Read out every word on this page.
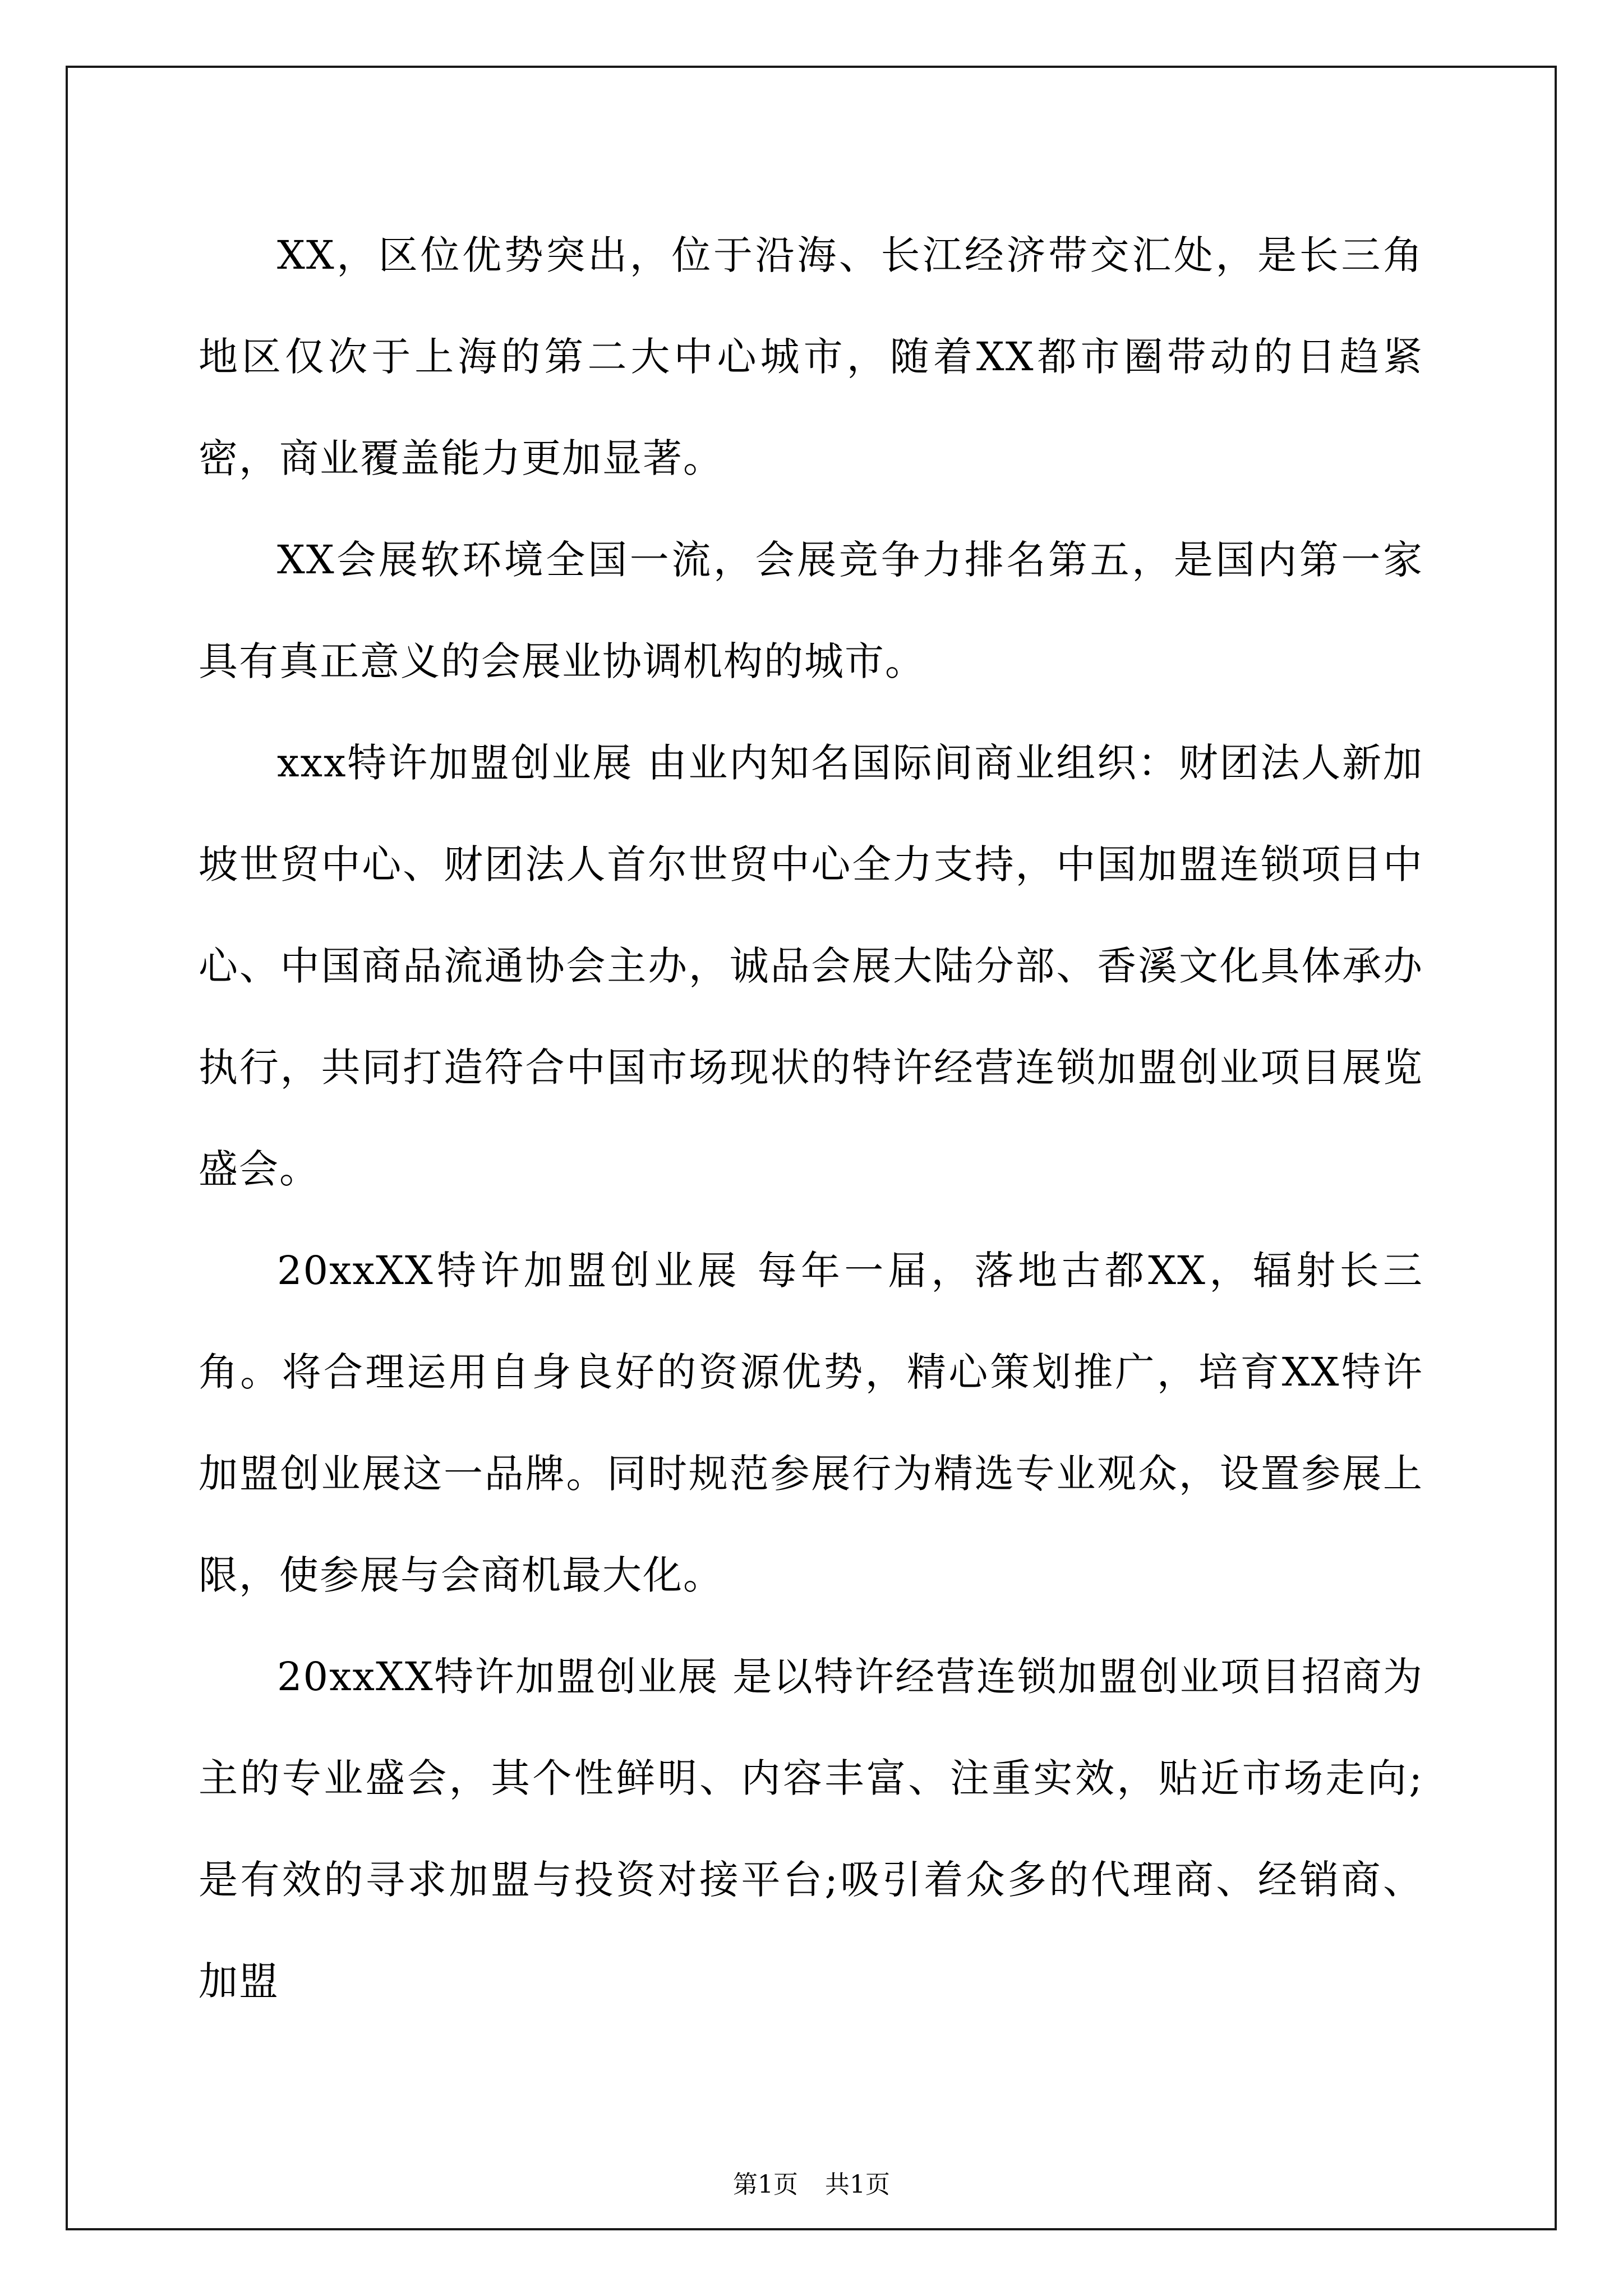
XX，区位优势突出，位于沿海、长江经济带交汇处，是长三角地区仅次于上海的第二大中心城市，随着XX都市圈带动的日趋紧密，商业覆盖能力更加显著。

XX会展软环境全国一流，会展竞争力排名第五，是国内第一家具有真正意义的会展业协调机构的城市。

xxx特许加盟创业展 由业内知名国际间商业组织：财团法人新加坡世贸中心、财团法人首尔世贸中心全力支持，中国加盟连锁项目中心、中国商品流通协会主办，诚品会展大陆分部、香溪文化具体承办执行，共同打造符合中国市场现状的特许经营连锁加盟创业项目展览盛会。

20xxXX特许加盟创业展 每年一届，落地古都XX，辐射长三角。将合理运用自身良好的资源优势，精心策划推广，培育XX特许加盟创业展这一品牌。同时规范参展行为精选专业观众，设置参展上限，使参展与会商机最大化。

20xxXX特许加盟创业展 是以特许经营连锁加盟创业项目招商为主的专业盛会，其个性鲜明、内容丰富、注重实效，贴近市场走向;是有效的寻求加盟与投资对接平台;吸引着众多的代理商、经销商、加盟

第1页 共1页
